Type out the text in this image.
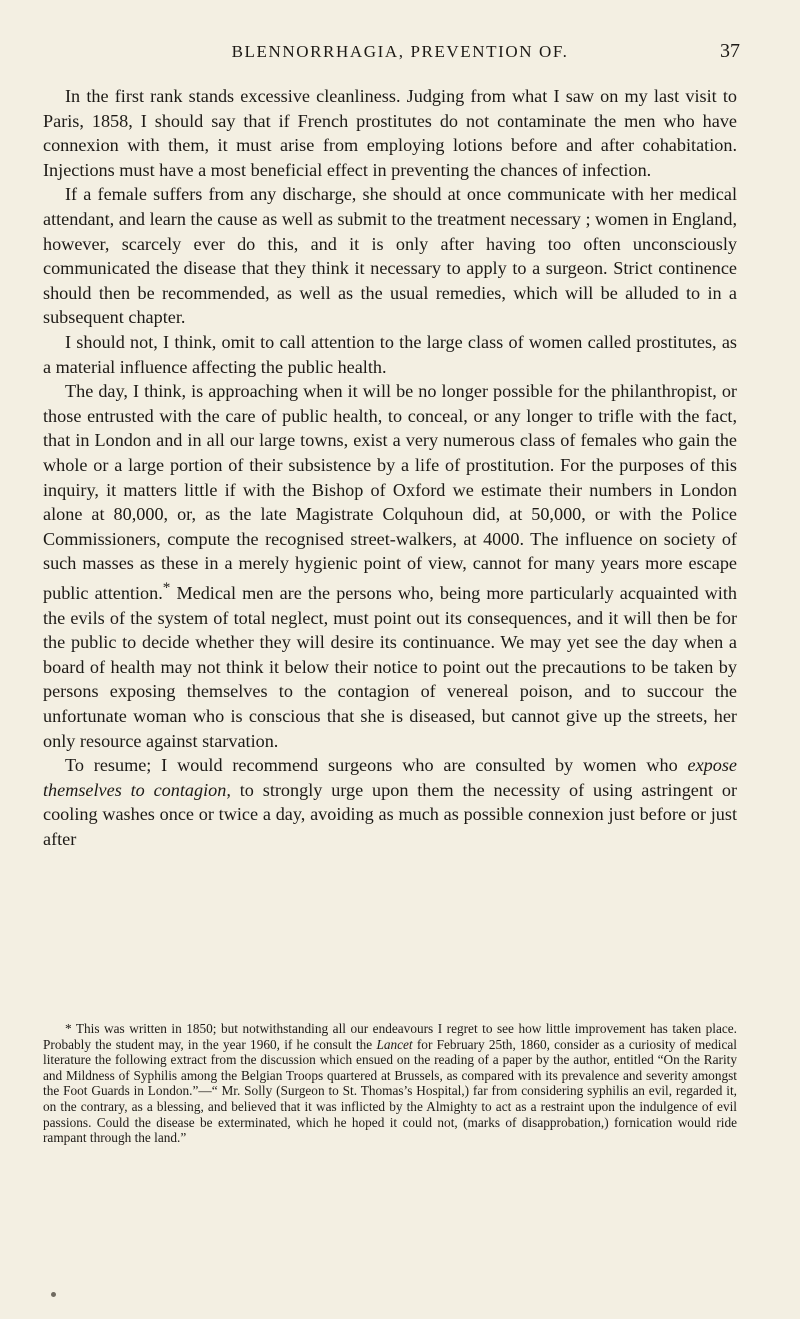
BLENNORRHAGIA, PREVENTION OF.	37

In the first rank stands excessive cleanliness. Judging from what I saw on my last visit to Paris, 1858, I should say that if French prostitutes do not contaminate the men who have connexion with them, it must arise from employing lotions before and after cohabitation. Injections must have a most beneficial effect in preventing the chances of infection.

If a female suffers from any discharge, she should at once communicate with her medical attendant, and learn the cause as well as submit to the treatment necessary ; women in England, however, scarcely ever do this, and it is only after having too often unconsciously communicated the disease that they think it necessary to apply to a surgeon. Strict continence should then be recommended, as well as the usual remedies, which will be alluded to in a subsequent chapter.

I should not, I think, omit to call attention to the large class of women called prostitutes, as a material influence affecting the public health.

The day, I think, is approaching when it will be no longer possible for the philanthropist, or those entrusted with the care of public health, to conceal, or any longer to trifle with the fact, that in London and in all our large towns, exist a very numerous class of females who gain the whole or a large portion of their subsistence by a life of prostitution. For the purposes of this inquiry, it matters little if with the Bishop of Oxford we estimate their numbers in London alone at 80,000, or, as the late Magistrate Colquhoun did, at 50,000, or with the Police Commissioners, compute the recognised street-walkers, at 4000. The influence on society of such masses as these in a merely hygienic point of view, cannot for many years more escape public attention.* Medical men are the persons who, being more particularly acquainted with the evils of the system of total neglect, must point out its consequences, and it will then be for the public to decide whether they will desire its continuance. We may yet see the day when a board of health may not think it below their notice to point out the precautions to be taken by persons exposing themselves to the contagion of venereal poison, and to succour the unfortunate woman who is conscious that she is diseased, but cannot give up the streets, her only resource against starvation.

To resume; I would recommend surgeons who are consulted by women who expose themselves to contagion, to strongly urge upon them the necessity of using astringent or cooling washes once or twice a day, avoiding as much as possible connexion just before or just after

* This was written in 1850; but notwithstanding all our endeavours I regret to see how little improvement has taken place. Probably the student may, in the year 1960, if he consult the Lancet for February 25th, 1860, consider as a curiosity of medical literature the following extract from the discussion which ensued on the reading of a paper by the author, entitled “On the Rarity and Mildness of Syphilis among the Belgian Troops quartered at Brussels, as compared with its prevalence and severity amongst the Foot Guards in London.”—“ Mr. Solly (Surgeon to St. Thomas’s Hospital,) far from considering syphilis an evil, regarded it, on the contrary, as a blessing, and believed that it was inflicted by the Almighty to act as a restraint upon the indulgence of evil passions. Could the disease be exterminated, which he hoped it could not, (marks of disapprobation,) fornication would ride rampant through the land.”
